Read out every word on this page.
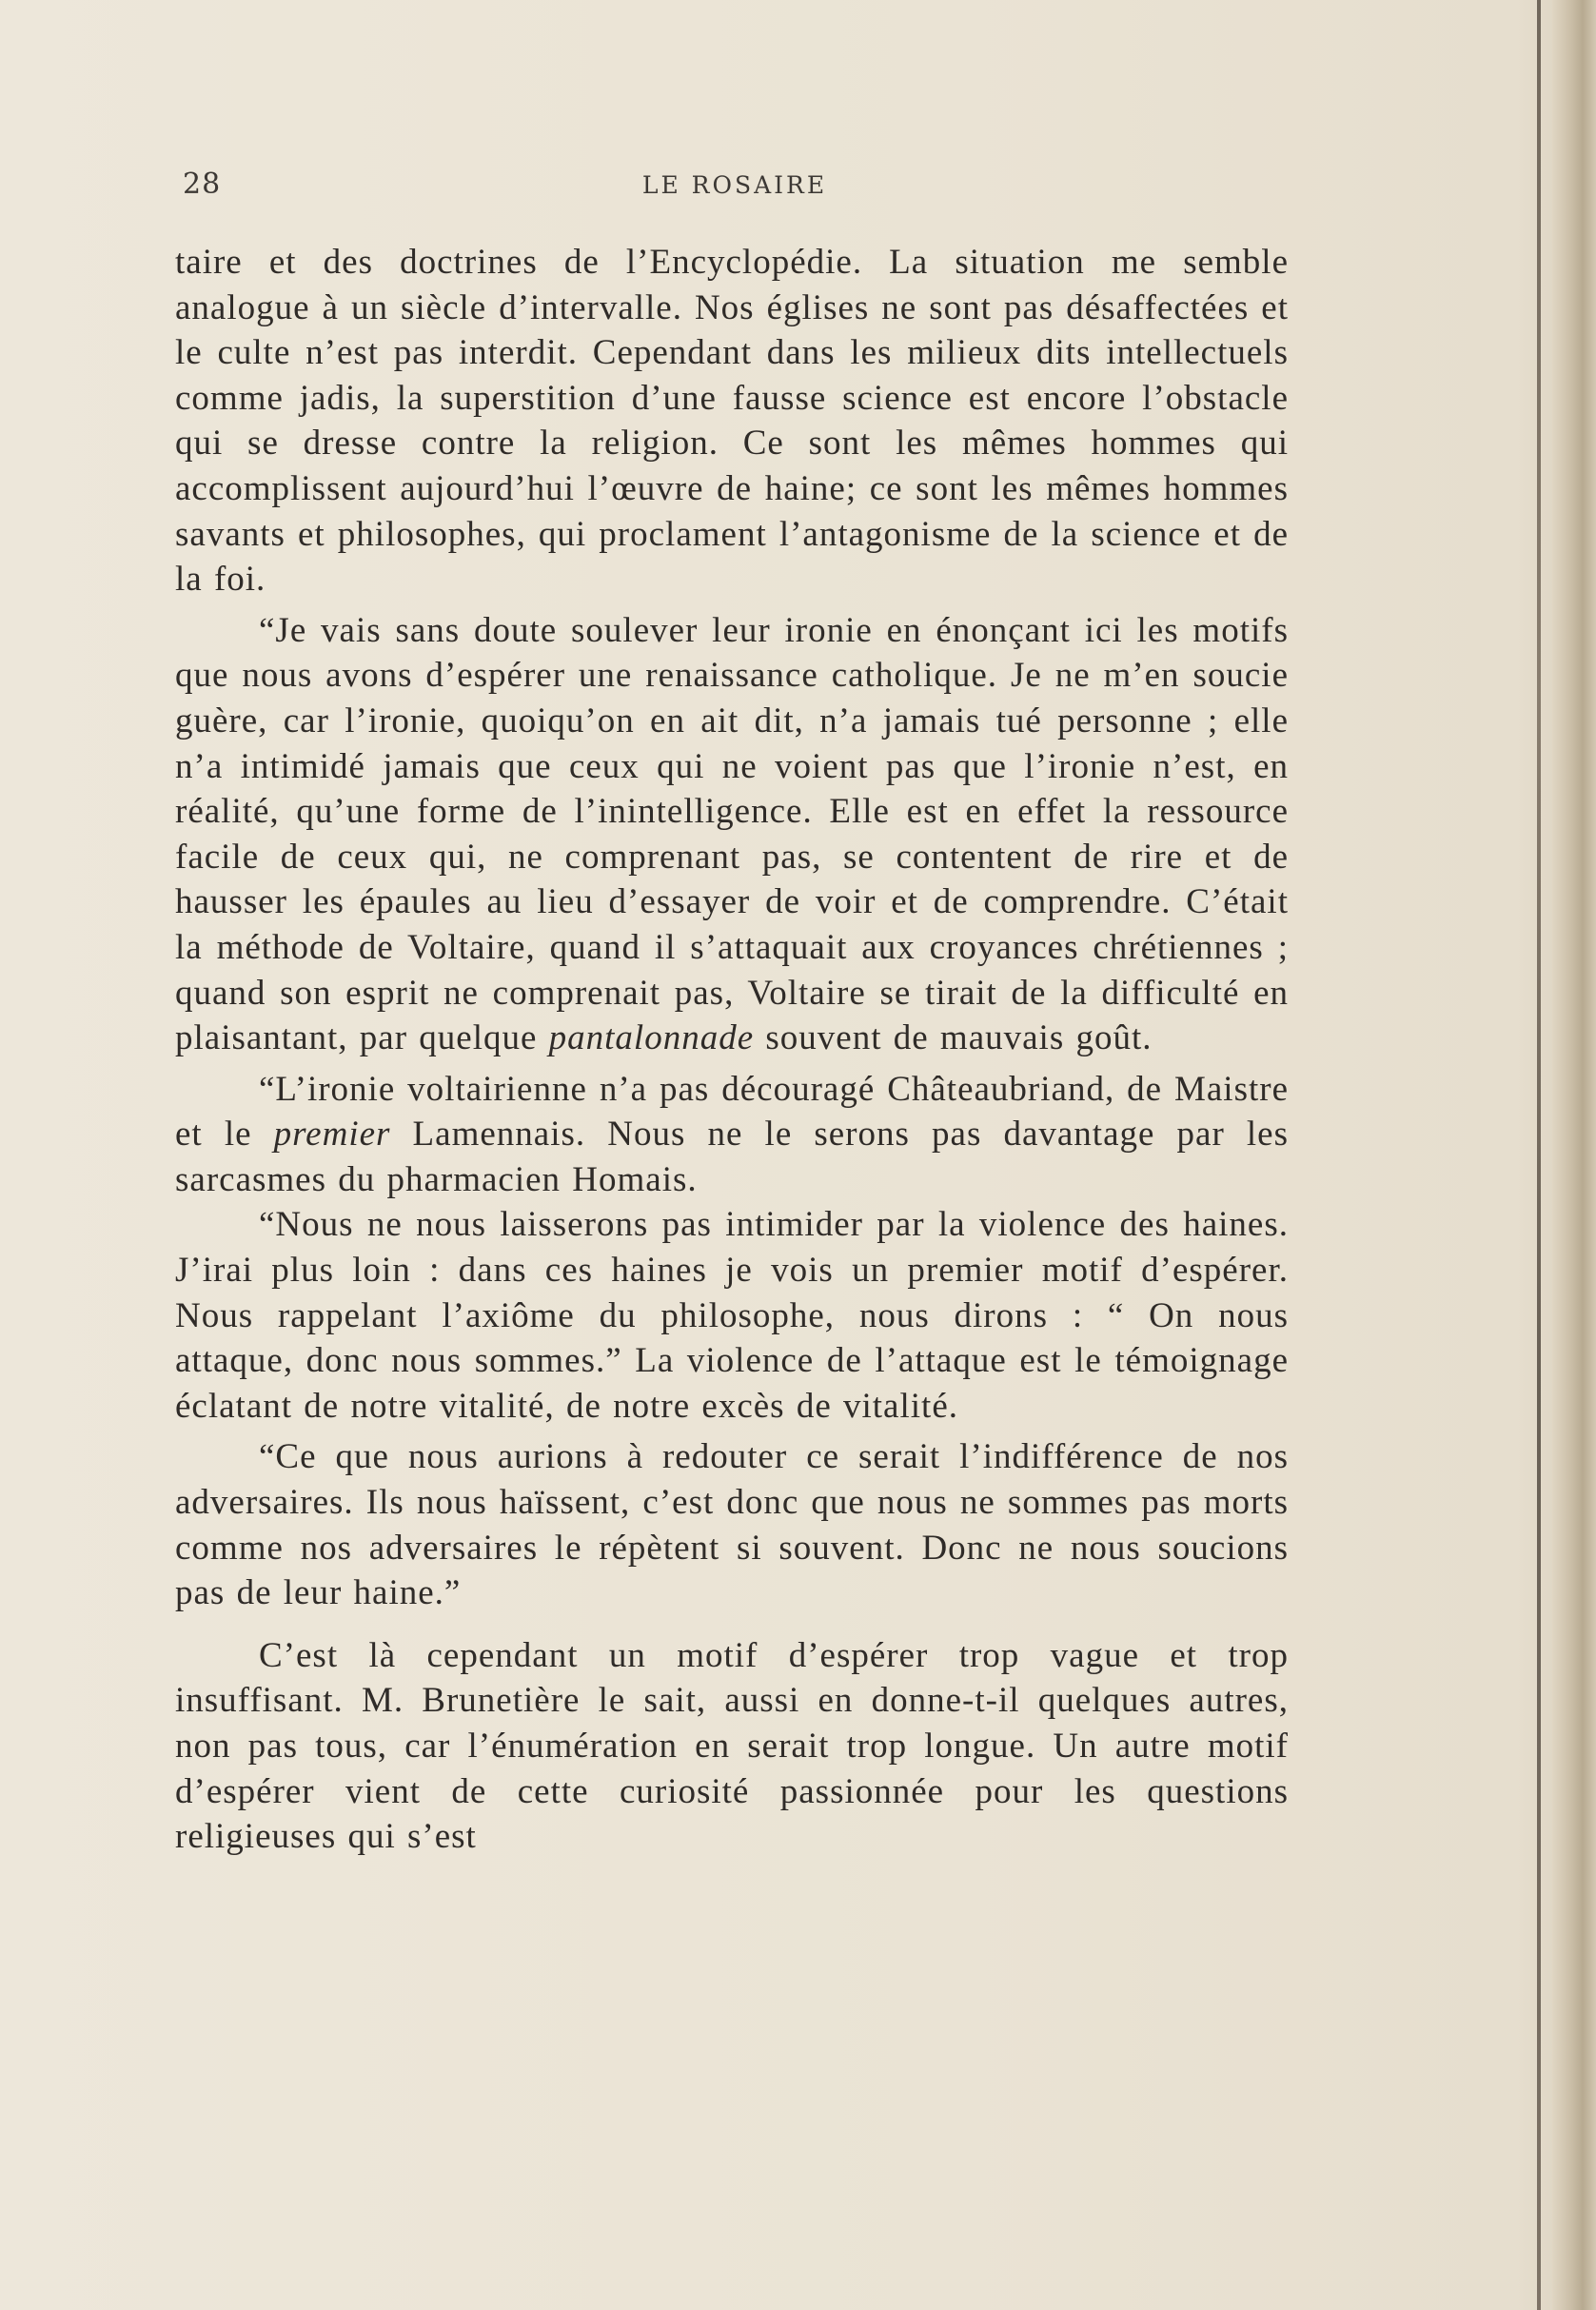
28	LE ROSAIRE

taire et des doctrines de l’Encyclopédie. La situation me semble analogue à un siècle d’intervalle. Nos églises ne sont pas désaffectées et le culte n’est pas interdit. Cependant dans les milieux dits intellectuels comme jadis, la superstition d’une fausse science est encore l’obstacle qui se dresse contre la religion. Ce sont les mêmes hommes qui accomplissent aujourd’hui l’œuvre de haine; ce sont les mêmes hommes savants et philosophes, qui proclament l’antagonisme de la science et de la foi.

“Je vais sans doute soulever leur ironie en énonçant ici les motifs que nous avons d’espérer une renaissance catholique. Je ne m’en soucie guère, car l’ironie, quoiqu’on en ait dit, n’a jamais tué personne ; elle n’a intimidé jamais que ceux qui ne voient pas que l’ironie n’est, en réalité, qu’une forme de l’inintelligence. Elle est en effet la ressource facile de ceux qui, ne comprenant pas, se contentent de rire et de hausser les épaules au lieu d’essayer de voir et de comprendre. C’était la méthode de Voltaire, quand il s’attaquait aux croyances chrétiennes ; quand son esprit ne comprenait pas, Voltaire se tirait de la difficulté en plaisantant, par quelque pantalonnade souvent de mauvais goût.

“L’ironie voltairienne n’a pas découragé Châteaubriand, de Maistre et le premier Lamennais. Nous ne le serons pas davantage par les sarcasmes du pharmacien Homais.

“Nous ne nous laisserons pas intimider par la violence des haines. J’irai plus loin : dans ces haines je vois un premier motif d’espérer. Nous rappelant l’axiôme du philosophe, nous dirons : “ On nous attaque, donc nous sommes.” La violence de l’attaque est le témoignage éclatant de notre vitalité, de notre excès de vitalité.

“Ce que nous aurions à redouter ce serait l’indifférence de nos adversaires. Ils nous haïssent, c’est donc que nous ne sommes pas morts comme nos adversaires le répètent si souvent. Donc ne nous soucions pas de leur haine.”

C’est là cependant un motif d’espérer trop vague et trop insuffisant. M. Brunetière le sait, aussi en donne-t-il quelques autres, non pas tous, car l’énumération en serait trop longue. Un autre motif d’espérer vient de cette curiosité passionnée pour les questions religieuses qui s’est
